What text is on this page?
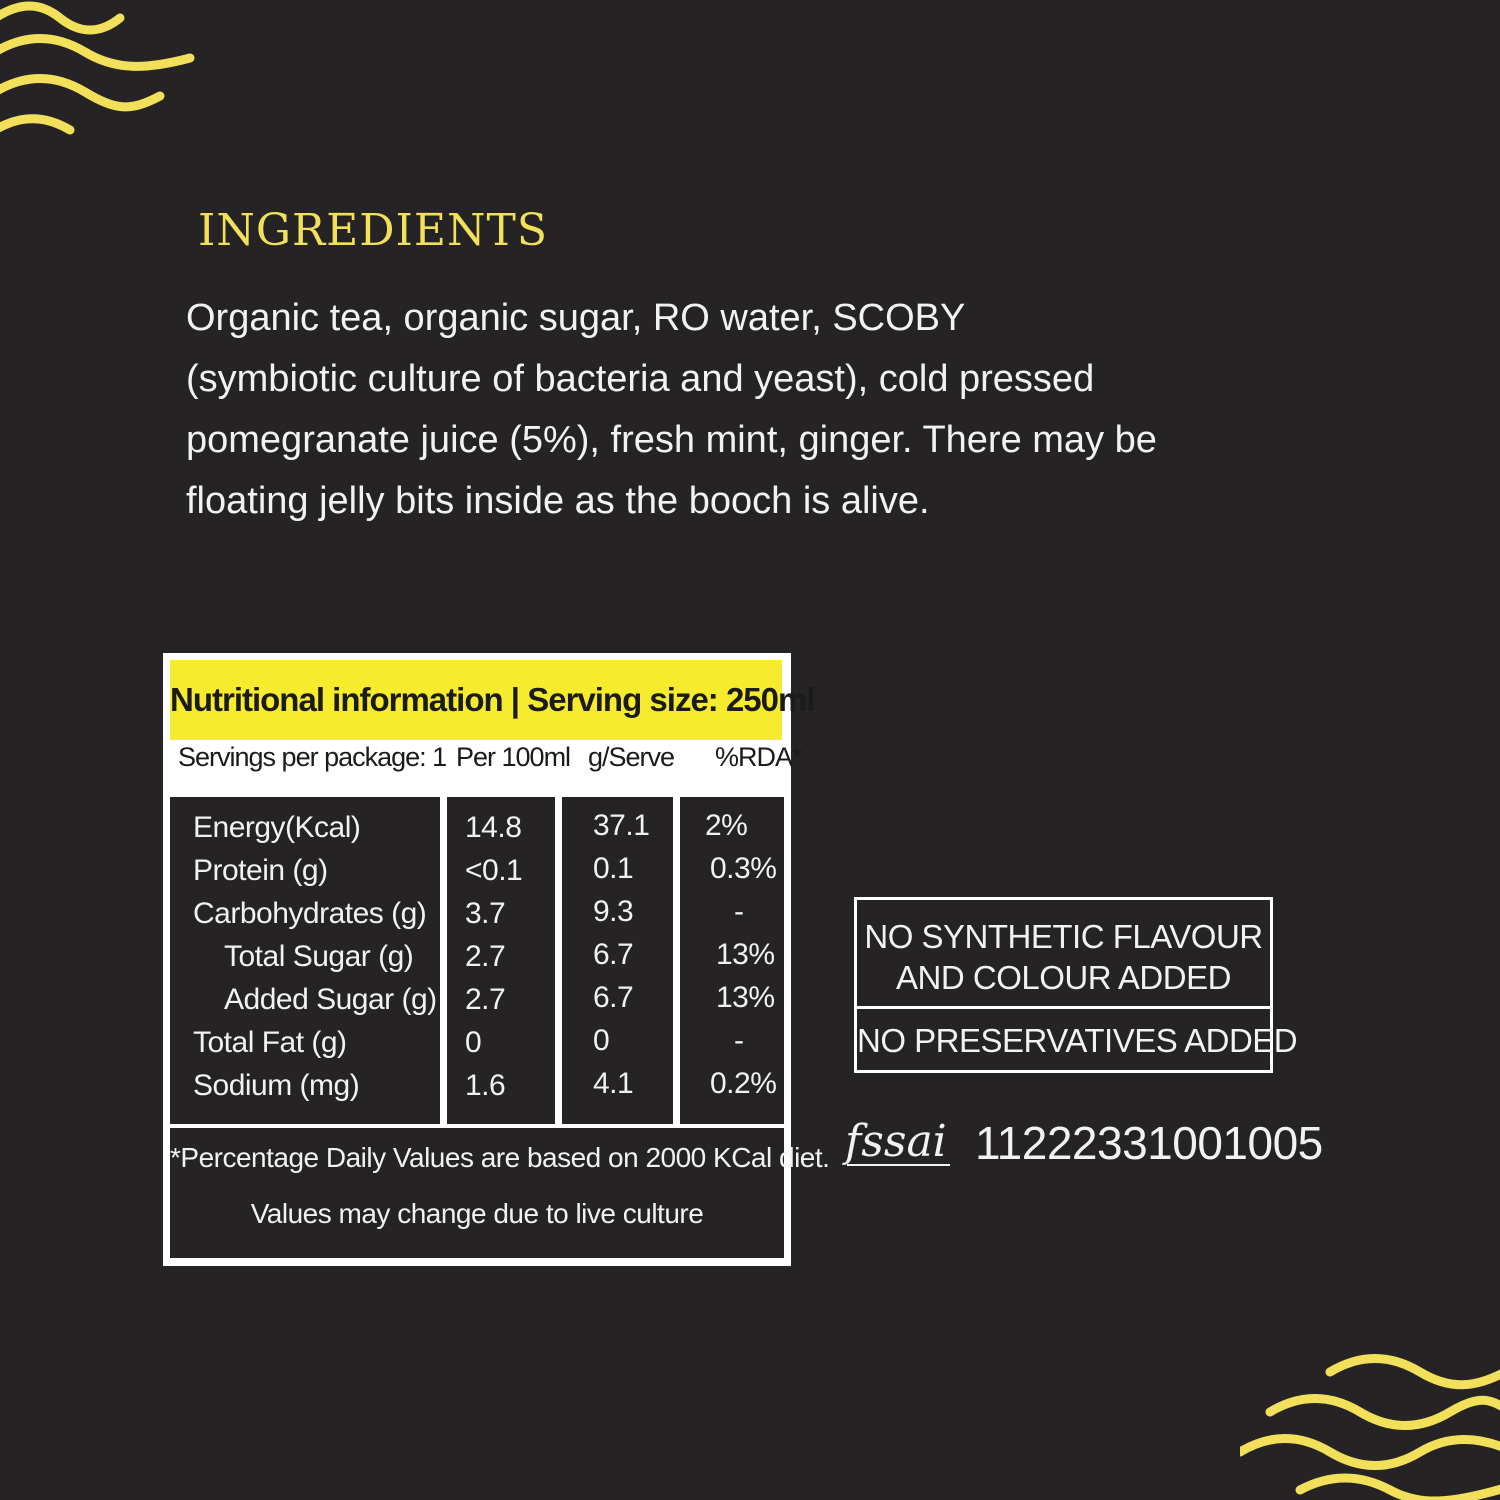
INGREDIENTS

Organic tea, organic sugar, RO water, SCOBY
(symbiotic culture of bacteria and yeast), cold pressed
pomegranate juice (5%), fresh mint, ginger. There may be
floating jelly bits inside as the booch is alive.

Nutritional information | Serving size: 250ml
Servings per package: 1 Per 100ml g/Serve %RDA*
Energy(Kcal)
Protein (g)
Carbohydrates (g)
Total Sugar (g)
Added Sugar (g)
Total Fat (g)
Sodium (mg)
14.8
<0.1
3.7
2.7
2.7
0
1.6
37.1
0.1
9.3
6.7
6.7
0
4.1
2%
0.3%
-
13%
13%
-
0.2%
*Percentage Daily Values are based on 2000 KCal diet.
Values may change due to live culture
NO SYNTHETIC FLAVOUR
AND COLOUR ADDED
NO PRESERVATIVES ADDED
fssai 11222331001005
